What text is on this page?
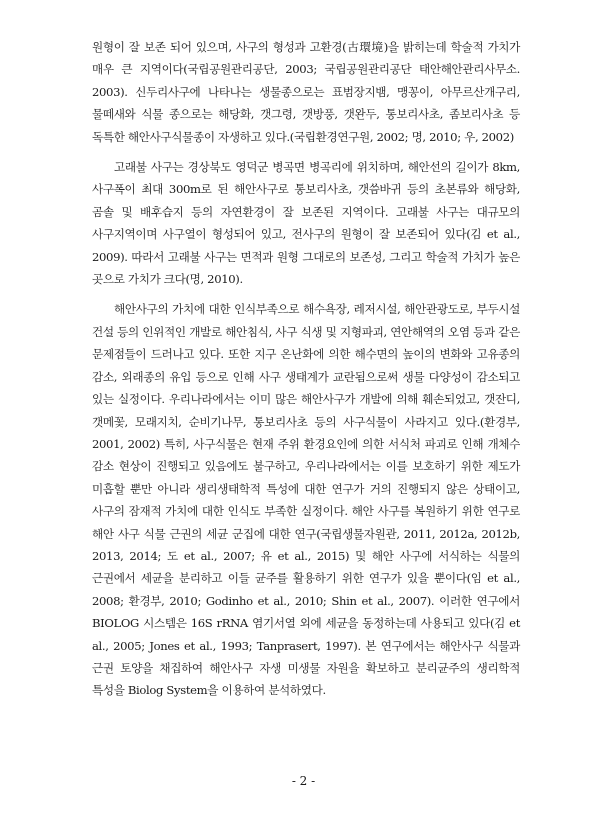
원형이 잘 보존 되어 있으며, 사구의 형성과 고환경(古環境)을 밝히는데 학술적 가치가 매우 큰 지역이다(국립공원관리공단, 2003; 국립공원관리공단 태안해안관리사무소. 2003). 신두리사구에 나타나는 생물종으로는 표범장지뱀, 맹꽁이, 아무르산개구리, 물떼새와 식물 종으로는 해당화, 갯그령, 갯방풍, 갯완두, 통보리사초, 좀보리사초 등 독특한 해안사구식물종이 자생하고 있다.(국립환경연구원, 2002; 명, 2010; 우, 2002)

고래불 사구는 경상북도 영덕군 병곡면 병곡리에 위치하며, 해안선의 길이가 8km, 사구폭이 최대 300m로 된 해안사구로 통보리사초, 갯씀바귀 등의 초본류와 해당화, 곰솔 및 배후습지 등의 자연환경이 잘 보존된 지역이다. 고래불 사구는 대규모의 사구지역이며 사구열이 형성되어 있고, 전사구의 원형이 잘 보존되어 있다(김 et al., 2009). 따라서 고래불 사구는 면적과 원형 그대로의 보존성, 그리고 학술적 가치가 높은 곳으로 가치가 크다(명, 2010).

해안사구의 가치에 대한 인식부족으로 해수욕장, 레저시설, 해안관광도로, 부두시설 건설 등의 인위적인 개발로 해안침식, 사구 식생 및 지형파괴, 연안해역의 오염 등과 같은 문제점들이 드러나고 있다. 또한 지구 온난화에 의한 해수면의 높이의 변화와 고유종의 감소, 외래종의 유입 등으로 인해 사구 생태계가 교란됨으로써 생물 다양성이 감소되고 있는 실정이다. 우리나라에서는 이미 많은 해안사구가 개발에 의해 훼손되었고, 갯잔디, 갯메꽃, 모래지치, 순비기나무, 통보리사초 등의 사구식물이 사라지고 있다.(환경부, 2001, 2002) 특히, 사구식물은 현재 주위 환경요인에 의한 서식처 파괴로 인해 개체수 감소 현상이 진행되고 있음에도 불구하고, 우리나라에서는 이를 보호하기 위한 제도가 미흡할 뿐만 아니라 생리생태학적 특성에 대한 연구가 거의 진행되지 않은 상태이고, 사구의 잠재적 가치에 대한 인식도 부족한 실정이다. 해안 사구를 복원하기 위한 연구로 해안 사구 식물 근권의 세균 군집에 대한 연구(국립생물자원관, 2011, 2012a, 2012b, 2013, 2014; 도 et al., 2007; 유 et al., 2015) 및 해안 사구에 서식하는 식물의 근권에서 세균을 분리하고 이들 균주를 활용하기 위한 연구가 있을 뿐이다(임 et al., 2008; 환경부, 2010; Godinho et al., 2010; Shin et al., 2007). 이러한 연구에서 BIOLOG 시스템은 16S rRNA 염기서열 외에 세균을 동정하는데 사용되고 있다(김 et al., 2005; Jones et al., 1993; Tanprasert, 1997). 본 연구에서는 해안사구 식물과 근권 토양을 채집하여 해안사구 자생 미생물 자원을 확보하고 분리균주의 생리학적 특성을 Biolog System을 이용하여 분석하였다.

- 2 -
